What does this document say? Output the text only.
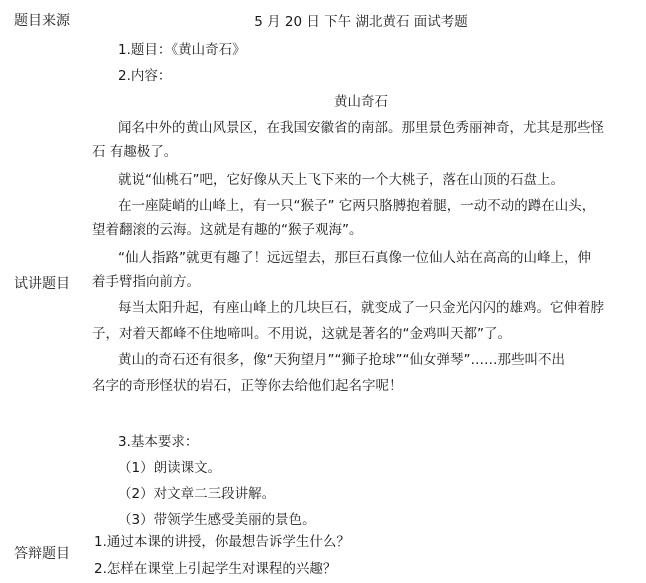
题目来源	5 月 20 日 下午 湖北黄石 面试考题
试讲题目
1.题目：《黄山奇石》
2.内容：
黄山奇石
闻名中外的黄山风景区，在我国安徽省的南部。那里景色秀丽神奇，尤其是那些怪
石 有趣极了。
就说“仙桃石”吧，它好像从天上飞下来的一个大桃子，落在山顶的石盘上。
在一座陡峭的山峰上，有一只“猴子” 它两只胳膊抱着腿，一动不动的蹲在山头，
望着翻滚的云海。这就是有趣的“猴子观海”。
“仙人指路”就更有趣了！远远望去，那巨石真像一位仙人站在高高的山峰上，伸
着手臂指向前方。
每当太阳升起，有座山峰上的几块巨石，就变成了一只金光闪闪的雄鸡。它伸着脖
子，对着天都峰不住地啼叫。不用说，这就是著名的“金鸡叫天都”了。
黄山的奇石还有很多，像“天狗望月”“狮子抢球”“仙女弹琴”……那些叫不出
名字的奇形怪状的岩石，正等你去给他们起名字呢！
3.基本要求：
（1）朗读课文。
（2）对文章二三段讲解。
（3）带领学生感受美丽的景色。
答辩题目
1.通过本课的讲授，你最想告诉学生什么？
2.怎样在课堂上引起学生对课程的兴趣？
